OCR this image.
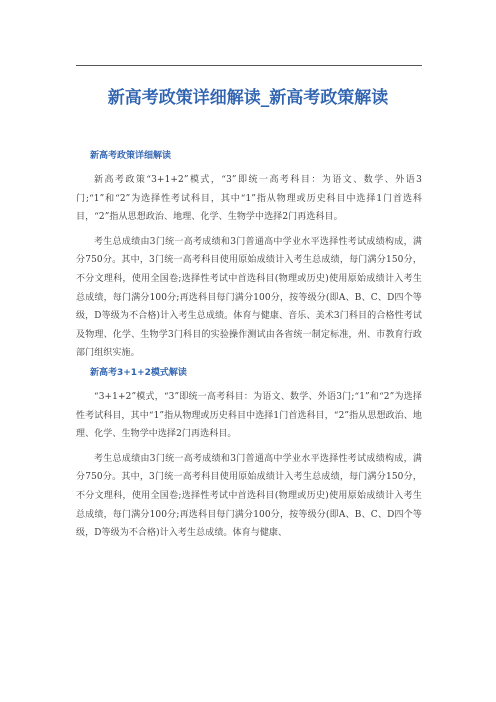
新高考政策详细解读_新高考政策解读
新高考政策详细解读

新高考政策“3+1+2”模式，“3”即统一高考科目：为语文、数学、外语3门;“1”和“2”为选择性考试科目，其中“1”指从物理或历史科目中选择1门首选科目，“2”指从思想政治、地理、化学、生物学中选择2门再选科目。

考生总成绩由3门统一高考成绩和3门普通高中学业水平选择性考试成绩构成，满分750分。其中，3门统一高考科目使用原始成绩计入考生总成绩，每门满分150分，不分文理科，使用全国卷;选择性考试中首选科目(物理或历史)使用原始成绩计入考生总成绩，每门满分100分;再选科目每门满分100分，按等级分(即A、B、C、D四个等级，D等级为不合格)计入考生总成绩。体育与健康、音乐、美术3门科目的合格性考试及物理、化学、生物学3门科目的实验操作测试由各省统一制定标准，州、市教育行政部门组织实施。

新高考3+1+2模式解读

“3+1+2”模式，“3”即统一高考科目：为语文、数学、外语3门;“1”和“2”为选择性考试科目，其中“1”指从物理或历史科目中选择1门首选科目，“2”指从思想政治、地理、化学、生物学中选择2门再选科目。

考生总成绩由3门统一高考成绩和3门普通高中学业水平选择性考试成绩构成，满分750分。其中，3门统一高考科目使用原始成绩计入考生总成绩，每门满分150分，不分文理科，使用全国卷;选择性考试中首选科目(物理或历史)使用原始成绩计入考生总成绩，每门满分100分;再选科目每门满分100分，按等级分(即A、B、C、D四个等级，D等级为不合格)计入考生总成绩。体育与健康、
